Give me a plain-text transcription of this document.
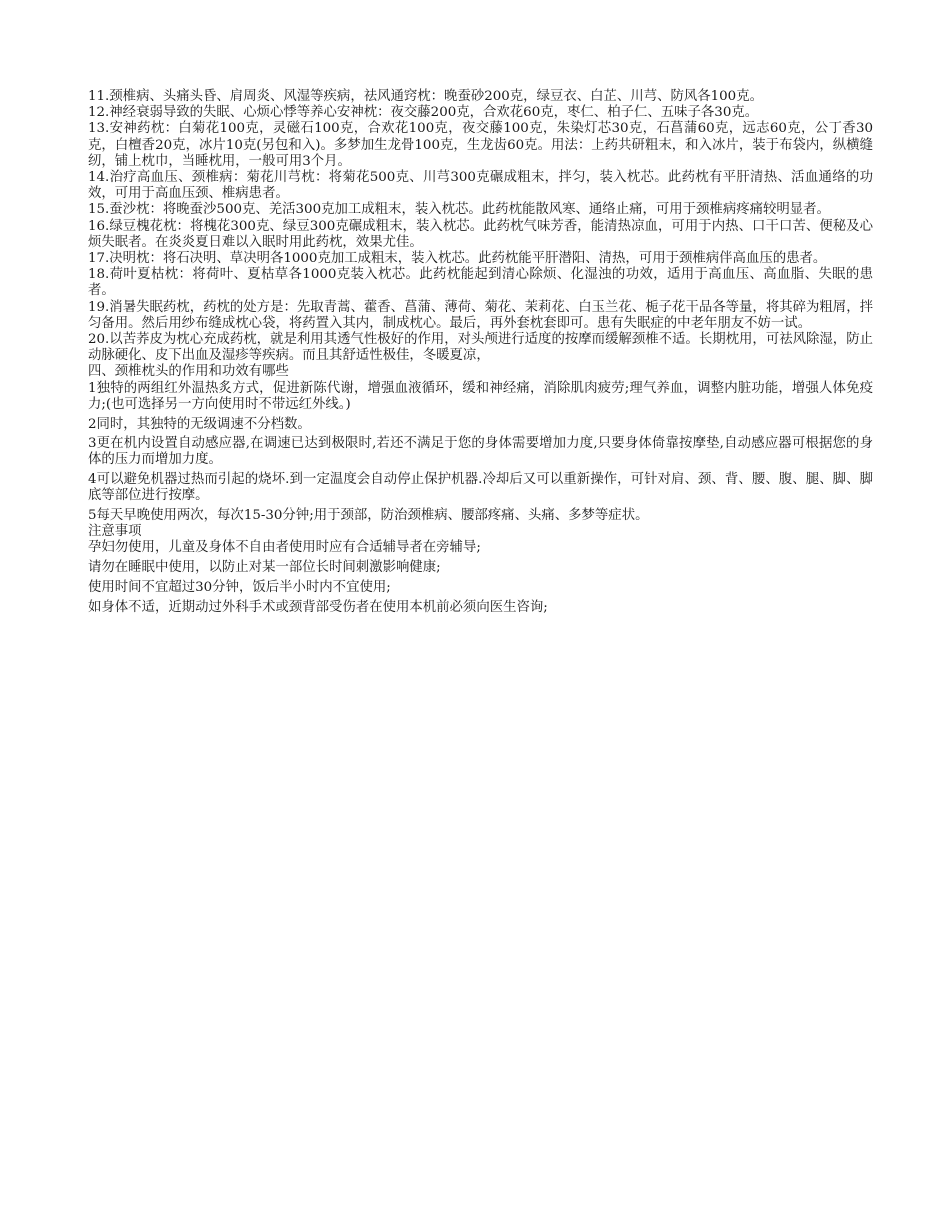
11.颈椎病、头痛头昏、肩周炎、风湿等疾病，祛风通窍枕：晚蚕砂200克，绿豆衣、白芷、川芎、防风各100克。

12.神经衰弱导致的失眠、心烦心悸等养心安神枕：夜交藤200克，合欢花60克，枣仁、柏子仁、五味子各30克。

13.安神药枕：白菊花100克，灵磁石100克，合欢花100克，夜交藤100克，朱染灯芯30克，石菖蒲60克，远志60克，公丁香30克，白檀香20克，冰片10克(另包和入)。多梦加生龙骨100克，生龙齿60克。用法：上药共研粗末，和入冰片，装于布袋内，纵横缝纫，铺上枕巾，当睡枕用，一般可用3个月。

14.治疗高血压、颈椎病：菊花川芎枕：将菊花500克、川芎300克碾成粗末，拌匀，装入枕芯。此药枕有平肝清热、活血通络的功效，可用于高血压颈、椎病患者。

15.蚕沙枕：将晚蚕沙500克、羌活300克加工成粗末，装入枕芯。此药枕能散风寒、通络止痛，可用于颈椎病疼痛较明显者。

16.绿豆槐花枕：将槐花300克、绿豆300克碾成粗末，装入枕芯。此药枕气味芳香，能清热凉血，可用于内热、口干口苦、便秘及心烦失眠者。在炎炎夏日难以入眠时用此药枕，效果尤佳。

17.决明枕：将石决明、草决明各1000克加工成粗末，装入枕芯。此药枕能平肝潜阳、清热，可用于颈椎病伴高血压的患者。

18.荷叶夏枯枕：将荷叶、夏枯草各1000克装入枕芯。此药枕能起到清心除烦、化湿浊的功效，适用于高血压、高血脂、失眠的患者。

19.消暑失眠药枕，药枕的处方是：先取青蒿、藿香、菖蒲、薄荷、菊花、茉莉花、白玉兰花、栀子花干品各等量，将其碎为粗屑，拌匀备用。然后用纱布缝成枕心袋，将药置入其内，制成枕心。最后，再外套枕套即可。患有失眠症的中老年朋友不妨一试。

20.以苦荞皮为枕心充成药枕，就是利用其透气性极好的作用，对头颅进行适度的按摩而缓解颈椎不适。长期枕用，可祛风除湿，防止动脉硬化、皮下出血及湿疹等疾病。而且其舒适性极佳，冬暖夏凉，

四、颈椎枕头的作用和功效有哪些

1独特的两组红外温热炙方式，促进新陈代谢，增强血液循环，缓和神经痛，消除肌肉疲劳;理气养血，调整内脏功能，增强人体免疫力;(也可选择另一方向使用时不带远红外线。)

2同时，其独特的无级调速不分档数。

3更在机内设置自动感应器,在调速已达到极限时,若还不满足于您的身体需要增加力度,只要身体倚靠按摩垫,自动感应器可根据您的身体的压力而增加力度。

4可以避免机器过热而引起的烧坏.到一定温度会自动停止保护机器.冷却后又可以重新操作，可针对肩、颈、背、腰、腹、腿、脚、脚底等部位进行按摩。

5每天早晚使用两次，每次15-30分钟;用于颈部，防治颈椎病、腰部疼痛、头痛、多梦等症状。

注意事项

孕妇勿使用，儿童及身体不自由者使用时应有合适辅导者在旁辅导;

请勿在睡眠中使用，以防止对某一部位长时间刺激影响健康;

使用时间不宜超过30分钟，饭后半小时内不宜使用;

如身体不适，近期动过外科手术或颈背部受伤者在使用本机前必须向医生咨询;
